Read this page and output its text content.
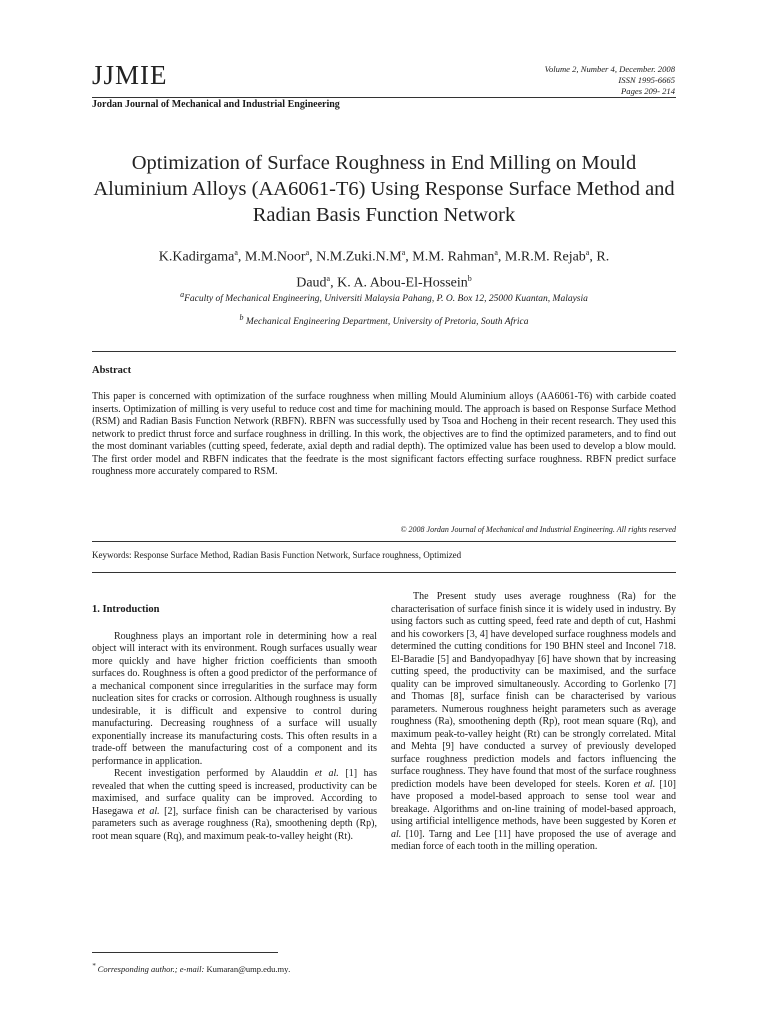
JJMIE	Volume 2, Number 4, December. 2008
ISSN 1995-6665
Pages 209- 214
Jordan Journal of Mechanical and Industrial Engineering
Optimization of Surface Roughness in End Milling on Mould Aluminium Alloys (AA6061-T6) Using Response Surface Method and Radian Basis Function Network
K.Kadirgama$^a$, M.M.Noor$^a$, $N.M.Zuki.N.M^a$, M.M. Rahman$^a$, M.R.M. Rejab$^a$, R.
Daud$^a$, K. A. Abou-El-Hossein$^b$
$^a$Faculty of Mechanical Engineering, Universiti Malaysia Pahang, P. O. Box 12, 25000 Kuantan, Malaysia
$^b$ Mechanical Engineering Department, University of Pretoria, South Africa
Abstract
This paper is concerned with optimization of the surface roughness when milling Mould Aluminium alloys (AA6061-T6) with carbide coated inserts. Optimization of milling is very useful to reduce cost and time for machining mould. The approach is based on Response Surface Method (RSM) and Radian Basis Function Network (RBFN). RBFN was successfully used by Tsoa and Hocheng in their recent research. They used this network to predict thrust force and surface roughness in drilling. In this work, the objectives are to find the optimized parameters, and to find out the most dominant variables (cutting speed, federate, axial depth and radial depth). The optimized value has been used to develop a blow mould. The first order model and RBFN indicates that the feedrate is the most significant factors effecting surface roughness. RBFN predict surface roughness more accurately compared to RSM.
© 2008 Jordan Journal of Mechanical and Industrial Engineering. All rights reserved
Keywords: Response Surface Method, Radian Basis Function Network, Surface roughness, Optimized
1. Introduction

Roughness plays an important role in determining how a real object will interact with its environment. Rough surfaces usually wear more quickly and have higher friction coefficients than smooth surfaces do. Roughness is often a good predictor of the performance of a mechanical component since irregularities in the surface may form nucleation sites for cracks or corrosion. Although roughness is usually undesirable, it is difficult and expensive to control during manufacturing. Decreasing roughness of a surface will usually exponentially increase its manufacturing costs. This often results in a trade-off between the manufacturing cost of a component and its performance in application.

Recent investigation performed by Alauddin et al. [1] has revealed that when the cutting speed is increased, productivity can be maximised, and surface quality can be improved. According to Hasegawa et al. [2], surface finish can be characterised by various parameters such as average roughness (Ra), smoothening depth (Rp), root mean square (Rq), and maximum peak-to-valley height (Rt).

The Present study uses average roughness (Ra) for the characterisation of surface finish since it is widely used in industry. By using factors such as cutting speed, feed rate and depth of cut, Hashmi and his coworkers [3, 4] have developed surface roughness models and determined the cutting conditions for 190 BHN steel and Inconel 718. El-Baradie [5] and Bandyopadhyay [6] have shown that by increasing cutting speed, the productivity can be maximised, and the surface quality can be improved simultaneously. According to Gorlenko [7] and Thomas [8], surface finish can be characterised by various parameters. Numerous roughness height parameters such as average roughness (Ra), smoothening depth (Rp), root mean square (Rq), and maximum peak-to-valley height (Rt) can be strongly correlated. Mital and Mehta [9] have conducted a survey of previously developed surface roughness prediction models and factors influencing the surface roughness. They have found that most of the surface roughness prediction models have been developed for steels. Koren et al. [10] have proposed a model-based approach to sense tool wear and breakage. Algorithms and on-line training of model-based approach, using artificial intelligence methods, have been suggested by Koren et al. [10]. Tarng and Lee [11] have proposed the use of average and median force of each tooth in the milling operation.

* Corresponding author.; e-mail: Kumaran@ump.edu.my.
